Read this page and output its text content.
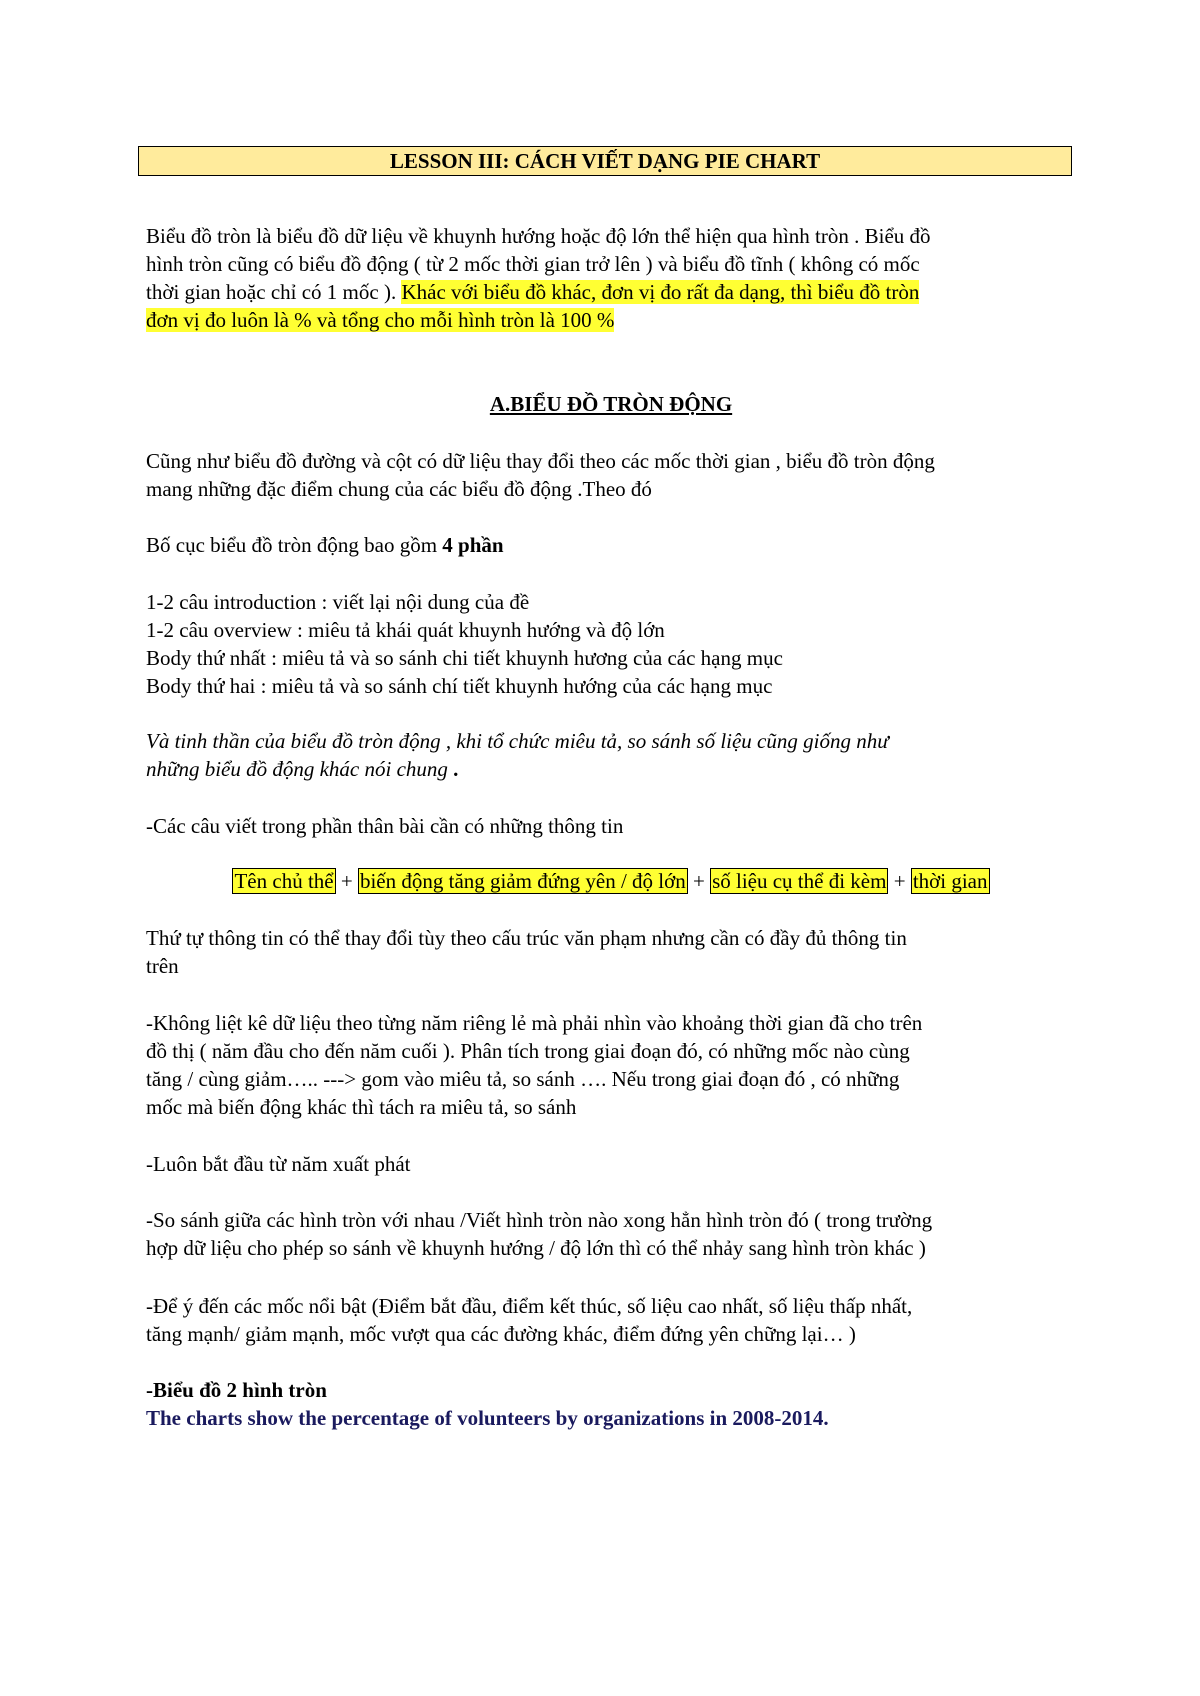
LESSON III: CÁCH VIẾT DẠNG PIE CHART
Biểu đồ tròn là biểu đồ dữ liệu về khuynh hướng hoặc độ lớn thể hiện qua hình tròn . Biểu đồ
hình tròn cũng có biểu đồ động ( từ 2 mốc thời gian trở lên ) và biểu đồ tĩnh ( không có mốc
thời gian hoặc chỉ có 1 mốc ). Khác với biểu đồ khác, đơn vị đo rất đa dạng, thì biểu đồ tròn
đơn vị đo luôn là % và tổng cho mỗi hình tròn là 100 %
A.BIỂU ĐỒ TRÒN ĐỘNG
Cũng như biểu đồ đường và cột có dữ liệu thay đổi theo các mốc thời gian , biểu đồ tròn động
mang những đặc điểm chung của các biểu đồ động .Theo đó
Bố cục biểu đồ tròn động bao gồm 4 phần
1-2 câu introduction : viết lại nội dung của đề
1-2 câu overview : miêu tả khái quát khuynh hướng và độ lớn
Body thứ nhất : miêu tả và so sánh chi tiết khuynh hương của các hạng mục
Body thứ hai : miêu tả và so sánh chí tiết khuynh hướng của các hạng mục
Và tinh thần của biểu đồ tròn động , khi tổ chức miêu tả, so sánh số liệu cũng giống như
những biểu đồ động khác nói chung .
-Các câu viết trong phần thân bài cần có những thông tin
Tên chủ thể + biến động tăng giảm đứng yên / độ lớn + số liệu cụ thể đi kèm + thời gian
Thứ tự thông tin có thể thay đổi tùy theo cấu trúc văn phạm nhưng cần có đầy đủ thông tin
trên
-Không liệt kê dữ liệu theo từng năm riêng lẻ mà phải nhìn vào khoảng thời gian đã cho trên
đồ thị ( năm đầu cho đến năm cuối ). Phân tích trong giai đoạn đó, có những mốc nào cùng
tăng / cùng giảm….. ---> gom vào miêu tả, so sánh …. Nếu trong giai đoạn đó , có những
mốc mà biến động khác thì tách ra miêu tả, so sánh
-Luôn bắt đầu từ năm xuất phát
-So sánh giữa các hình tròn với nhau /Viết hình tròn nào xong hẳn hình tròn đó ( trong trường
hợp dữ liệu cho phép so sánh về khuynh hướng / độ lớn thì có thể nhảy sang hình tròn khác )
-Để ý đến các mốc nổi bật (Điểm bắt đầu, điểm kết thúc, số liệu cao nhất, số liệu thấp nhất,
tăng mạnh/ giảm mạnh, mốc vượt qua các đường khác, điểm đứng yên chững lại… )
-Biểu đồ 2 hình tròn
The charts show the percentage of volunteers by organizations in 2008-2014.
